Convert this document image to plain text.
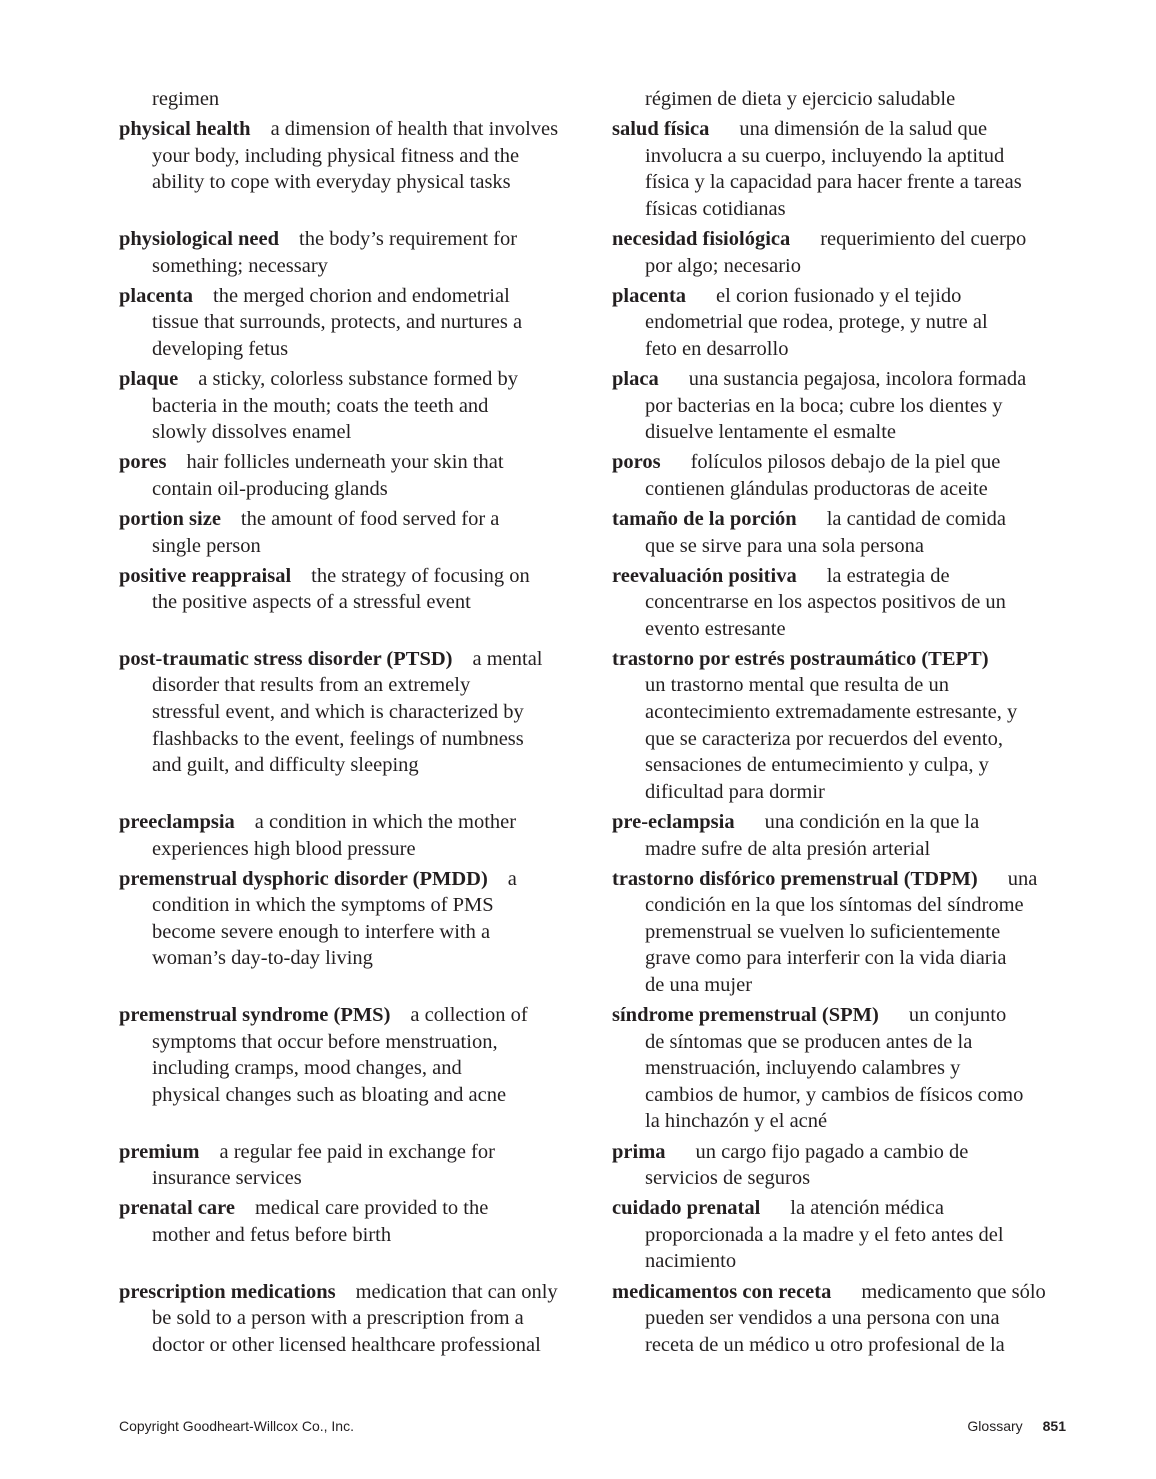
regimen	régimen de dieta y ejercicio saludable
physical health a dimension of health that involves
your body, including physical fitness and the
ability to cope with everyday physical tasks
salud física una dimensión de la salud que
involucra a su cuerpo, incluyendo la aptitud
física y la capacidad para hacer frente a tareas
físicas cotidianas
physiological need the body’s requirement for
something; necessary
necesidad fisiológica requerimiento del cuerpo
por algo; necesario
placenta the merged chorion and endometrial
tissue that surrounds, protects, and nurtures a
developing fetus
placenta el corion fusionado y el tejido
endometrial que rodea, protege, y nutre al
feto en desarrollo
plaque a sticky, colorless substance formed by
bacteria in the mouth; coats the teeth and
slowly dissolves enamel
placa una sustancia pegajosa, incolora formada
por bacterias en la boca; cubre los dientes y
disuelve lentamente el esmalte
pores hair follicles underneath your skin that
contain oil-producing glands
poros folículos pilosos debajo de la piel que
contienen glándulas productoras de aceite
portion size the amount of food served for a
single person
tamaño de la porción la cantidad de comida
que se sirve para una sola persona
positive reappraisal the strategy of focusing on
the positive aspects of a stressful event
reevaluación positiva la estrategia de
concentrarse en los aspectos positivos de un
evento estresante
post-traumatic stress disorder (PTSD) a mental
disorder that results from an extremely
stressful event, and which is characterized by
flashbacks to the event, feelings of numbness
and guilt, and difficulty sleeping
trastorno por estrés postraumático (TEPT)
un trastorno mental que resulta de un
acontecimiento extremadamente estresante, y
que se caracteriza por recuerdos del evento,
sensaciones de entumecimiento y culpa, y
dificultad para dormir
preeclampsia a condition in which the mother
experiences high blood pressure
pre-eclampsia una condición en la que la
madre sufre de alta presión arterial
premenstrual dysphoric disorder (PMDD) a
condition in which the symptoms of PMS
become severe enough to interfere with a
woman’s day-to-day living
trastorno disfórico premenstrual (TDPM) una
condición en la que los síntomas del síndrome
premenstrual se vuelven lo suficientemente
grave como para interferir con la vida diaria
de una mujer
premenstrual syndrome (PMS) a collection of
symptoms that occur before menstruation,
including cramps, mood changes, and
physical changes such as bloating and acne
síndrome premenstrual (SPM) un conjunto
de síntomas que se producen antes de la
menstruación, incluyendo calambres y
cambios de humor, y cambios de físicos como
la hinchazón y el acné
premium a regular fee paid in exchange for
insurance services
prima un cargo fijo pagado a cambio de
servicios de seguros
prenatal care medical care provided to the
mother and fetus before birth
cuidado prenatal la atención médica
proporcionada a la madre y el feto antes del
nacimiento
prescription medications medication that can only
be sold to a person with a prescription from a
doctor or other licensed healthcare professional
medicamentos con receta medicamento que sólo
pueden ser vendidos a una persona con una
receta de un médico u otro profesional de la
Copyright Goodheart-Willcox Co., Inc.	Glossary 851
